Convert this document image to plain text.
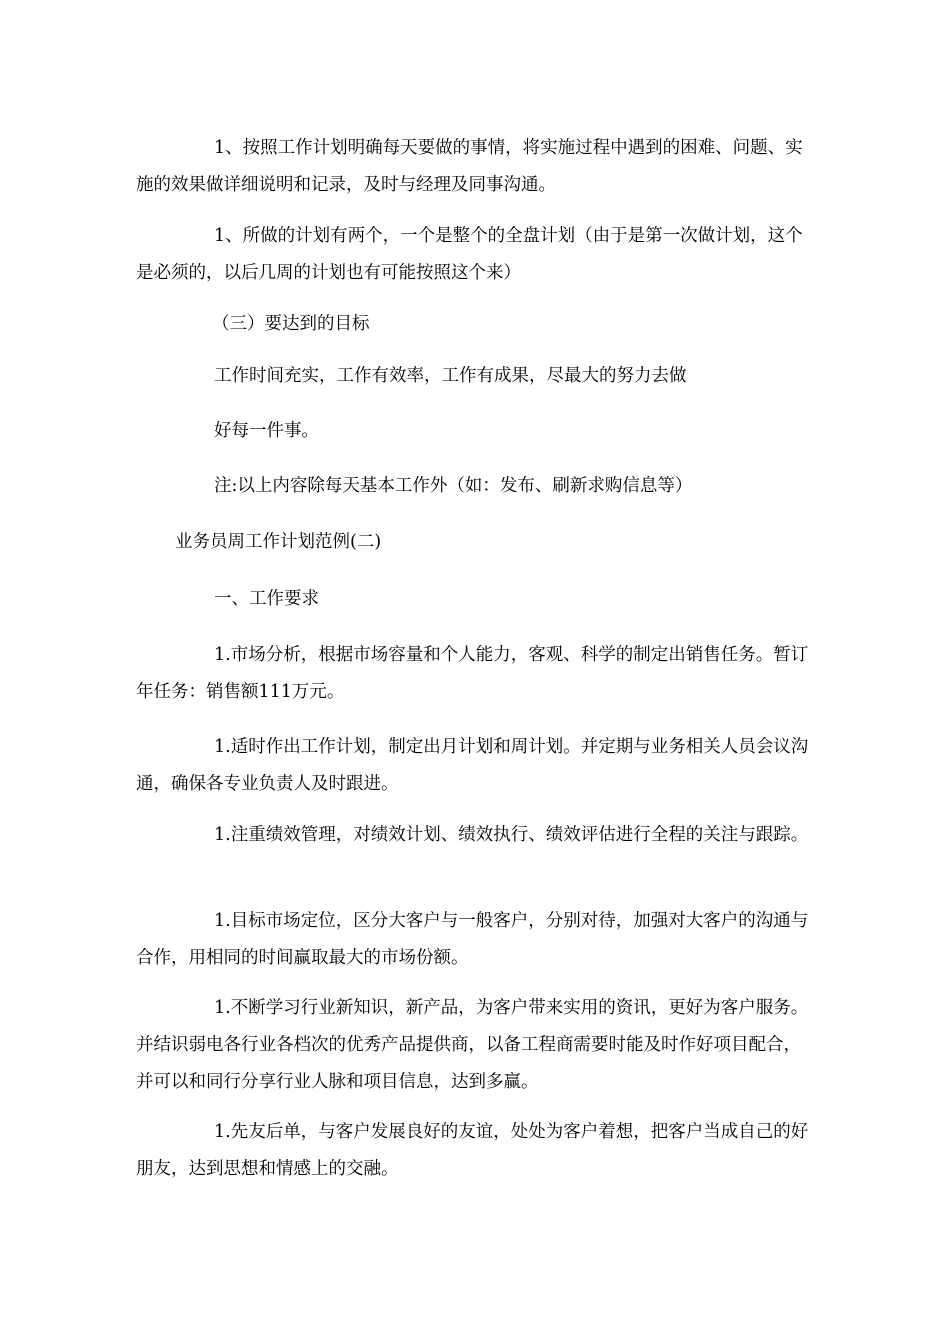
1、按照工作计划明确每天要做的事情，将实施过程中遇到的困难、问题、实施的效果做详细说明和记录，及时与经理及同事沟通。

1、所做的计划有两个，一个是整个的全盘计划（由于是第一次做计划，这个是必须的，以后几周的计划也有可能按照这个来）

（三）要达到的目标

工作时间充实，工作有效率，工作有成果，尽最大的努力去做

好每一件事。

注:以上内容除每天基本工作外（如：发布、刷新求购信息等）

业务员周工作计划范例(二)

一、工作要求

1.市场分析，根据市场容量和个人能力，客观、科学的制定出销售任务。暂订年任务：销售额111万元。

1.适时作出工作计划，制定出月计划和周计划。并定期与业务相关人员会议沟通，确保各专业负责人及时跟进。

1.注重绩效管理，对绩效计划、绩效执行、绩效评估进行全程的关注与跟踪。

1.目标市场定位，区分大客户与一般客户，分别对待，加强对大客户的沟通与合作，用相同的时间赢取最大的市场份额。

1.不断学习行业新知识，新产品，为客户带来实用的资讯，更好为客户服务。并结识弱电各行业各档次的优秀产品提供商，以备工程商需要时能及时作好项目配合，并可以和同行分享行业人脉和项目信息，达到多赢。

1.先友后单，与客户发展良好的友谊，处处为客户着想，把客户当成自己的好朋友，达到思想和情感上的交融。
